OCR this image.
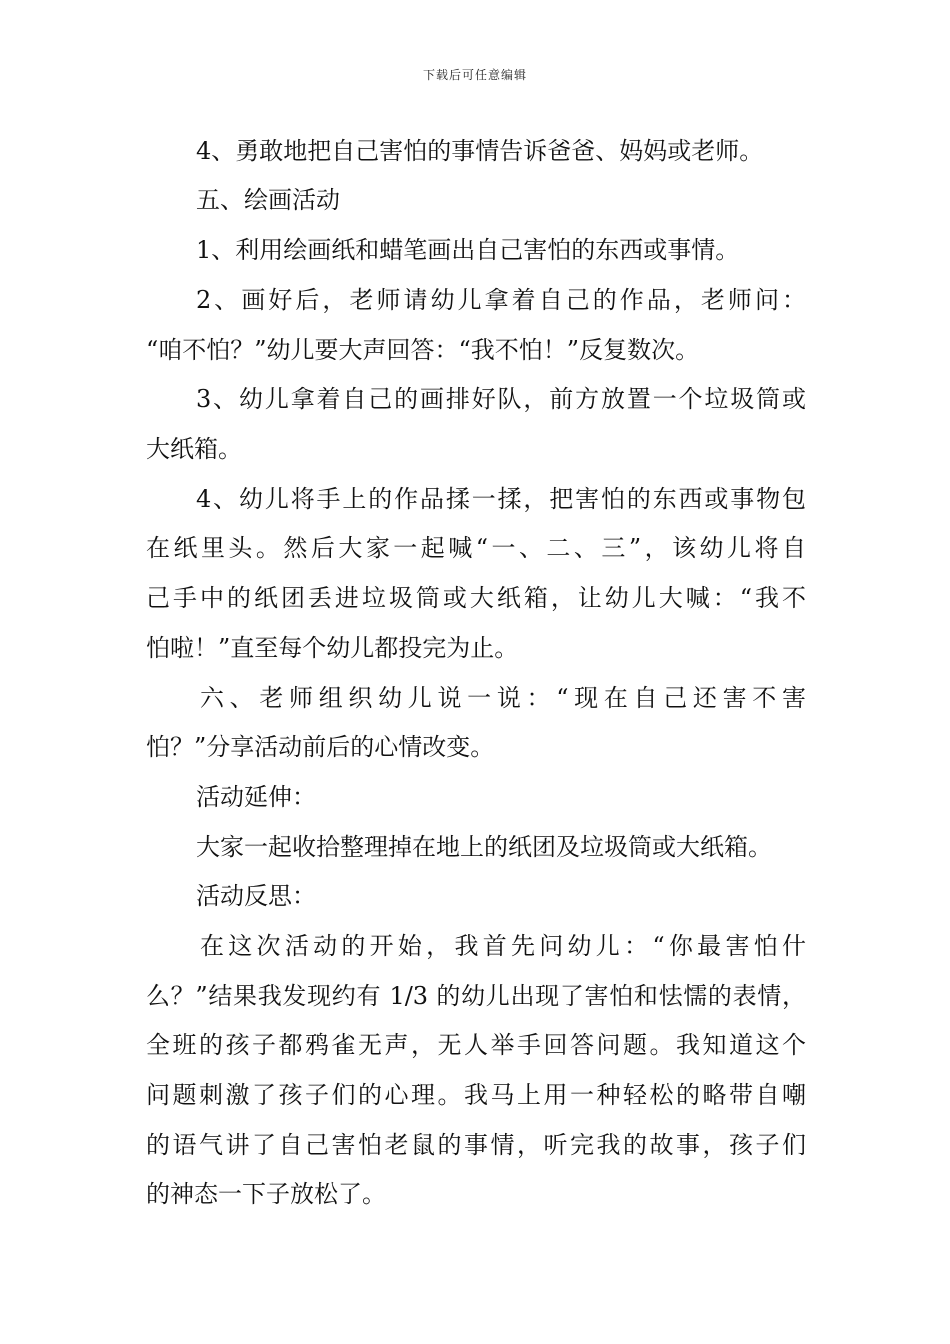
下载后可任意编辑
4、勇敢地把自己害怕的事情告诉爸爸、妈妈或老师。
五、绘画活动
1、利用绘画纸和蜡笔画出自己害怕的东西或事情。
2、画好后，老师请幼儿拿着自己的作品，老师问：
“咱不怕？”幼儿要大声回答：“我不怕！”反复数次。
3、幼儿拿着自己的画排好队，前方放置一个垃圾筒或
大纸箱。
4、幼儿将手上的作品揉一揉，把害怕的东西或事物包
在纸里头。然后大家一起喊“一、二、三”，该幼儿将自
己手中的纸团丢进垃圾筒或大纸箱，让幼儿大喊：“我不
怕啦！”直至每个幼儿都投完为止。
六、老师组织幼儿说一说：“现在自己还害不害
怕？”分享活动前后的心情改变。
活动延伸：
大家一起收拾整理掉在地上的纸团及垃圾筒或大纸箱。
活动反思：
在这次活动的开始，我首先问幼儿：“你最害怕什
么？”结果我发现约有 1/3 的幼儿出现了害怕和怯懦的表情，
全班的孩子都鸦雀无声，无人举手回答问题。我知道这个
问题刺激了孩子们的心理。我马上用一种轻松的略带自嘲
的语气讲了自己害怕老鼠的事情，听完我的故事，孩子们
的神态一下子放松了。
